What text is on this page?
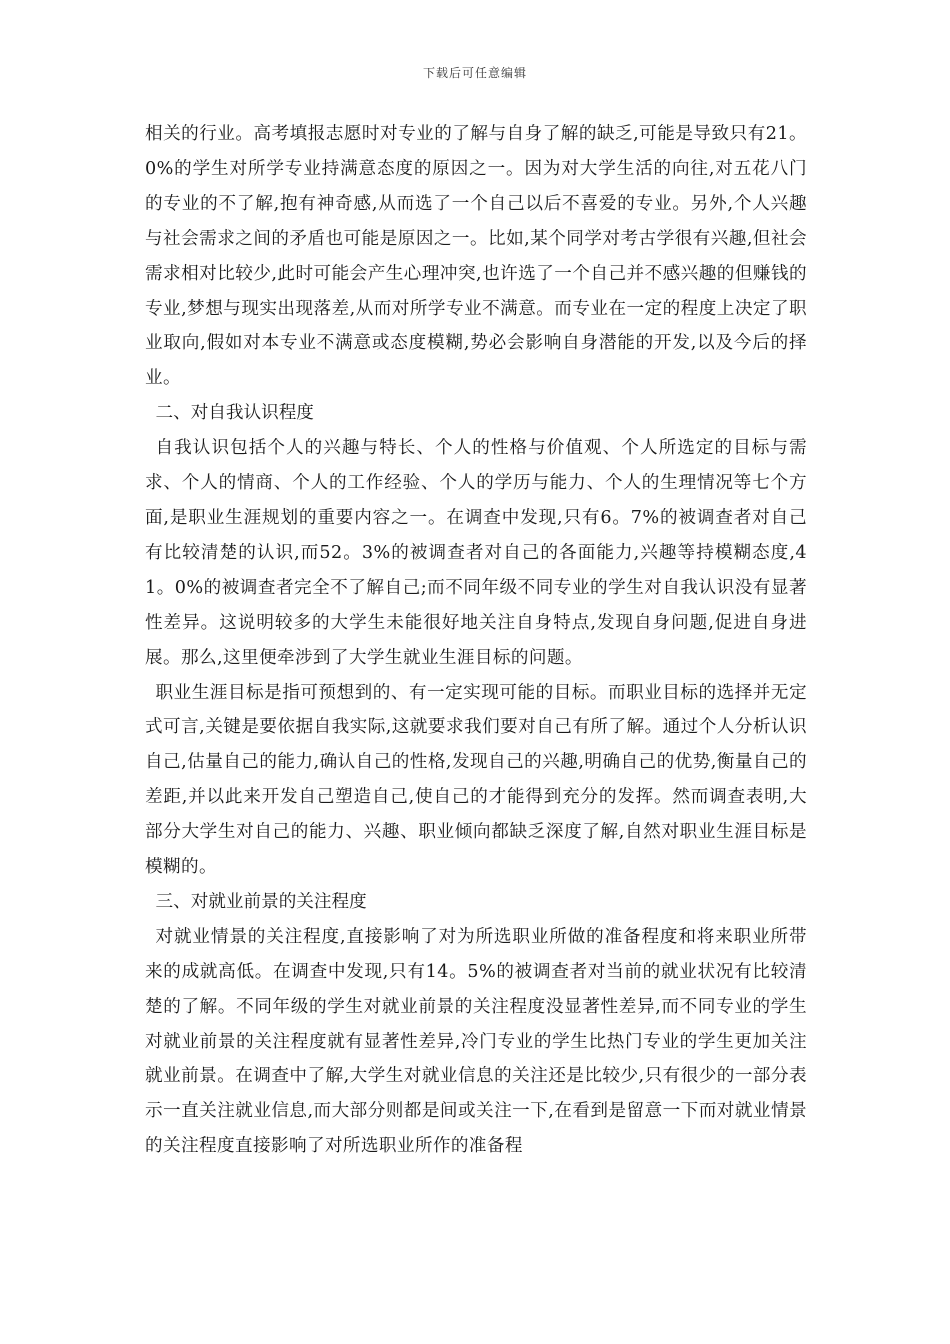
下载后可任意编辑

相关的行业。高考填报志愿时对专业的了解与自身了解的缺乏,可能是导致只有21。0%的学生对所学专业持满意态度的原因之一。因为对大学生活的向往,对五花八门的专业的不了解,抱有神奇感,从而选了一个自己以后不喜爱的专业。另外,个人兴趣与社会需求之间的矛盾也可能是原因之一。比如,某个同学对考古学很有兴趣,但社会需求相对比较少,此时可能会产生心理冲突,也许选了一个自己并不感兴趣的但赚钱的专业,梦想与现实出现落差,从而对所学专业不满意。而专业在一定的程度上决定了职业取向,假如对本专业不满意或态度模糊,势必会影响自身潜能的开发,以及今后的择业。

二、对自我认识程度

自我认识包括个人的兴趣与特长、个人的性格与价值观、个人所选定的目标与需求、个人的情商、个人的工作经验、个人的学历与能力、个人的生理情况等七个方面,是职业生涯规划的重要内容之一。在调查中发现,只有6。7%的被调查者对自己有比较清楚的认识,而52。3%的被调查者对自己的各面能力,兴趣等持模糊态度,41。0%的被调查者完全不了解自己;而不同年级不同专业的学生对自我认识没有显著性差异。这说明较多的大学生未能很好地关注自身特点,发现自身问题,促进自身进展。那么,这里便牵涉到了大学生就业生涯目标的问题。

职业生涯目标是指可预想到的、有一定实现可能的目标。而职业目标的选择并无定式可言,关键是要依据自我实际,这就要求我们要对自己有所了解。通过个人分析认识自己,估量自己的能力,确认自己的性格,发现自己的兴趣,明确自己的优势,衡量自己的差距,并以此来开发自己塑造自己,使自己的才能得到充分的发挥。然而调查表明,大部分大学生对自己的能力、兴趣、职业倾向都缺乏深度了解,自然对职业生涯目标是模糊的。

三、对就业前景的关注程度

对就业情景的关注程度,直接影响了对为所选职业所做的准备程度和将来职业所带来的成就高低。在调查中发现,只有14。5%的被调查者对当前的就业状况有比较清楚的了解。不同年级的学生对就业前景的关注程度没显著性差异,而不同专业的学生对就业前景的关注程度就有显著性差异,冷门专业的学生比热门专业的学生更加关注就业前景。在调查中了解,大学生对就业信息的关注还是比较少,只有很少的一部分表示一直关注就业信息,而大部分则都是间或关注一下,在看到是留意一下而对就业情景的关注程度直接影响了对所选职业所作的准备程
